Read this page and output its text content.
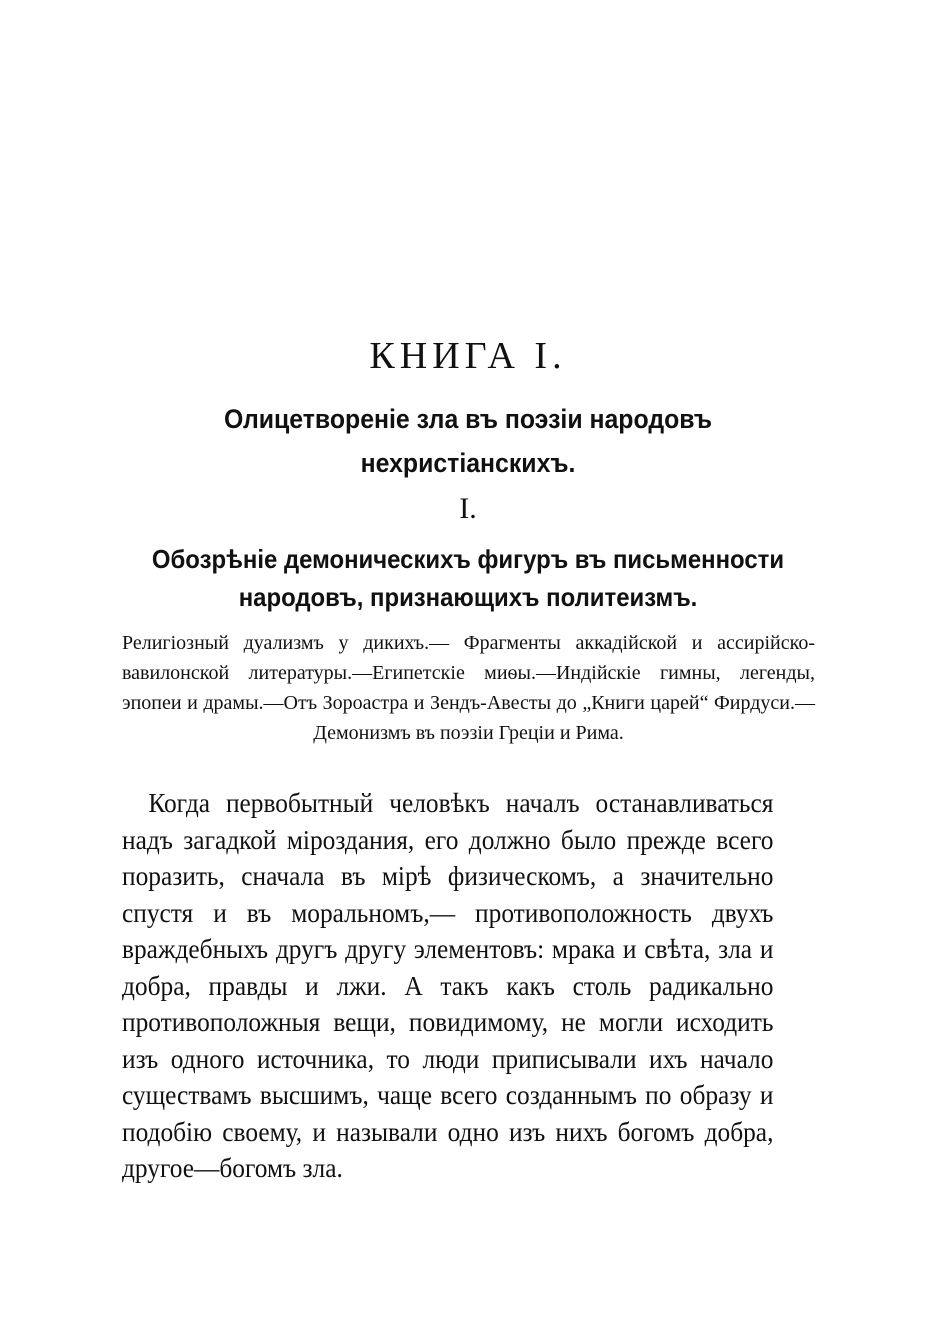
КНИГА I.
Олицетвореніе зла въ поэзіи народовъ нехристіанскихъ.
I.
Обозрѣніе демоническихъ фигуръ въ письменности народовъ, признающихъ политеизмъ.
Религіозный дуализмъ у дикихъ.— Фрагменты аккадійской и ассирійско-вавилонской литературы.—Египетскіе миѳы.—Индійскіе гимны, легенды, эпопеи и драмы.—Отъ Зороастра и Зендъ-Авесты до „Книги царей“ Фирдуси.—Демонизмъ въ поэзіи Греціи и Рима.
Когда первобытный человѣкъ началъ останавливаться надъ загадкой міроздания, его должно было прежде всего поразить, сначала въ мірѣ физическомъ, а значительно спустя и въ моральномъ,— противоположность двухъ враждебныхъ другъ другу элементовъ: мрака и свѣта, зла и добра, правды и лжи. А такъ какъ столь радикально противоположныя вещи, повидимому, не могли исходить изъ одного источника, то люди приписывали ихъ начало существамъ высшимъ, чаще всего созданнымъ по образу и подобію своему, и называли одно изъ нихъ богомъ добра, другое—богомъ зла.
